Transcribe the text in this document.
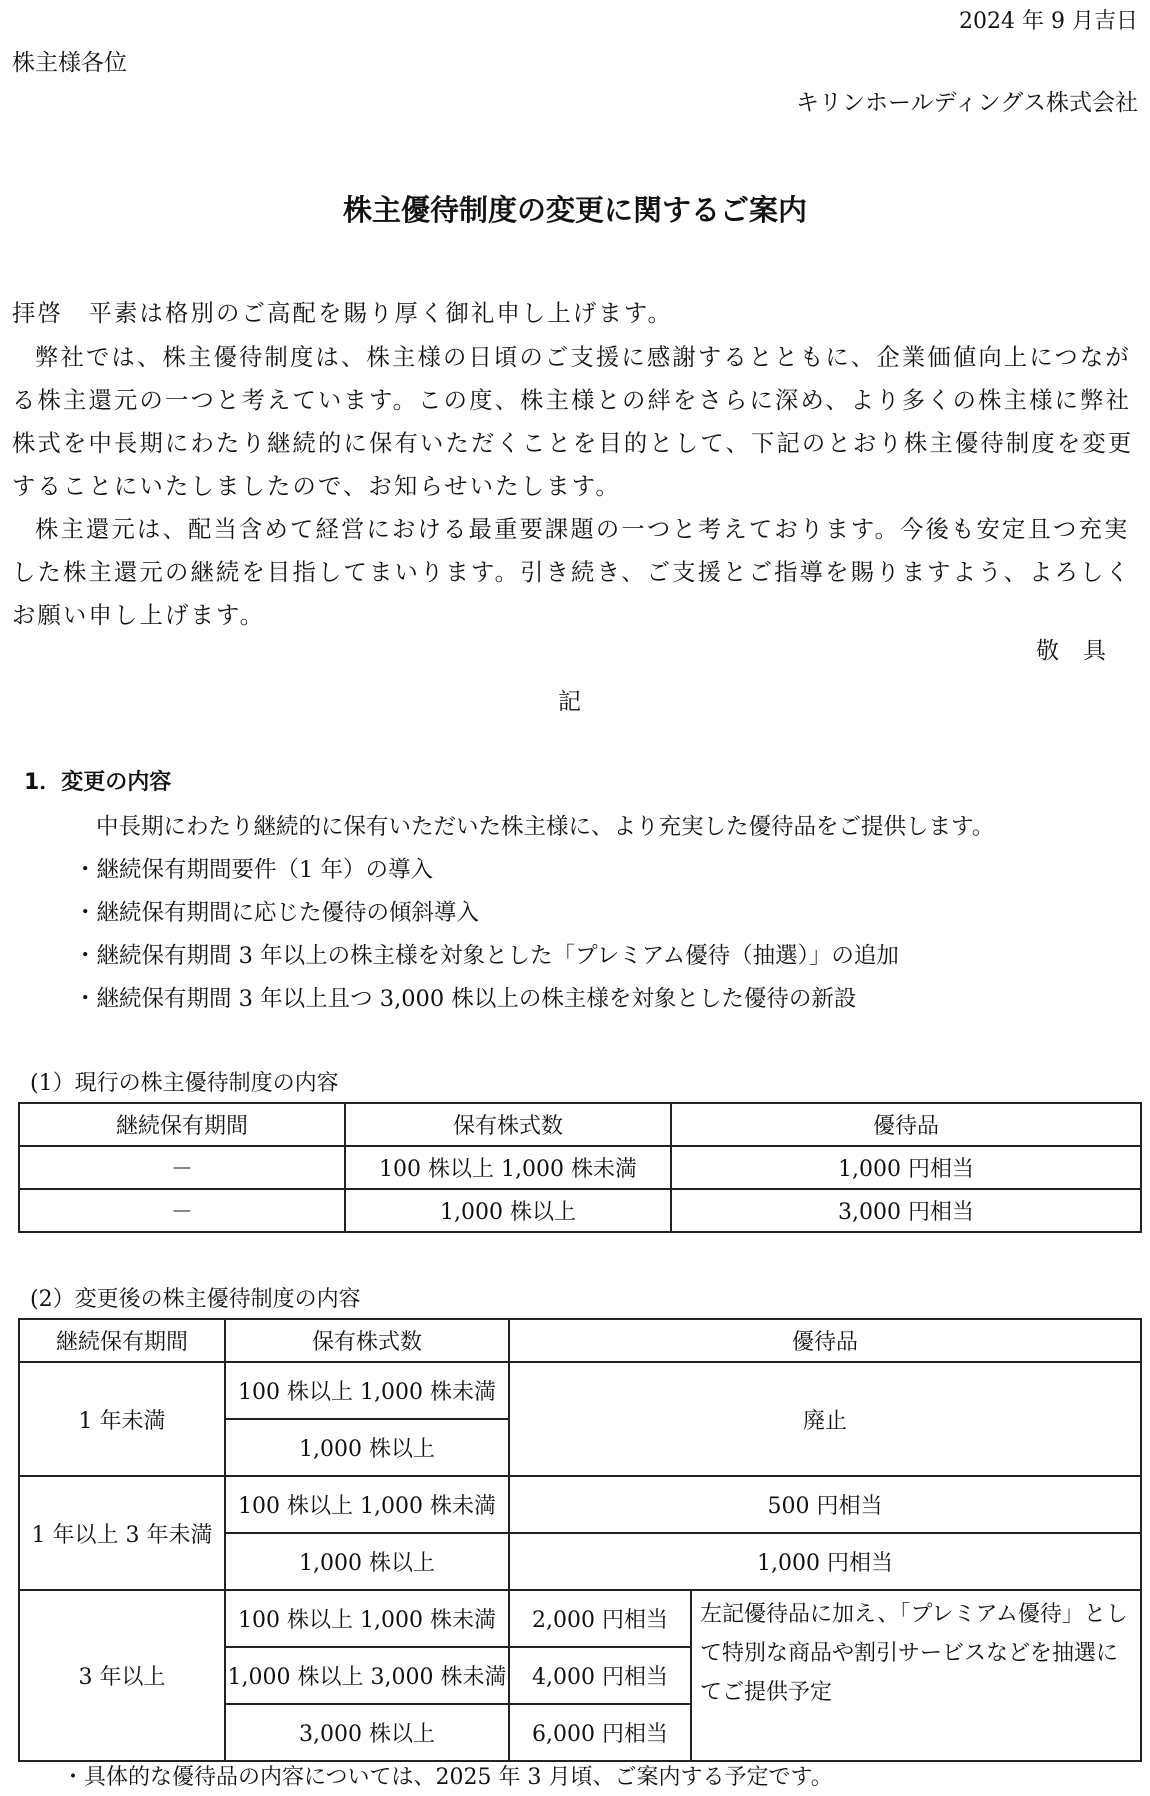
2024 年 9 月吉日
株主様各位
キリンホールディングス株式会社
株主優待制度の変更に関するご案内
拝啓　平素は格別のご高配を賜り厚く御礼申し上げます。
弊社では、株主優待制度は、株主様の日頃のご支援に感謝するとともに、企業価値向上につながる株主還元の一つと考えています。この度、株主様との絆をさらに深め、より多くの株主様に弊社株式を中長期にわたり継続的に保有いただくことを目的として、下記のとおり株主優待制度を変更することにいたしましたので、お知らせいたします。
株主還元は、配当含めて経営における最重要課題の一つと考えております。今後も安定且つ充実した株主還元の継続を目指してまいります。引き続き、ご支援とご指導を賜りますよう、よろしくお願い申し上げます。
敬具
記
1．変更の内容
中長期にわたり継続的に保有いただいた株主様に、より充実した優待品をご提供します。
・継続保有期間要件（1 年）の導入
・継続保有期間に応じた優待の傾斜導入
・継続保有期間 3 年以上の株主様を対象とした「プレミアム優待（抽選）」の追加
・継続保有期間 3 年以上且つ 3,000 株以上の株主様を対象とした優待の新設
(1）現行の株主優待制度の内容
継続保有期間	保有株式数	優待品
－	100 株以上 1,000 株未満	1,000 円相当
－	1,000 株以上	3,000 円相当
(2）変更後の株主優待制度の内容
継続保有期間	保有株式数	優待品	
1 年未満	100 株以上 1,000 株未満	廃止	
	1,000 株以上		
1 年以上 3 年未満	100 株以上 1,000 株未満	500 円相当	
	1,000 株以上	1,000 円相当	
3 年以上	100 株以上 1,000 株未満	2,000 円相当	左記優待品に加え、「プレミアム優待」として特別な商品や割引サービスなどを抽選にてご提供予定
	1,000 株以上 3,000 株未満	4,000 円相当	
	3,000 株以上	6,000 円相当	
・具体的な優待品の内容については、2025 年 3 月頃、ご案内する予定です。
